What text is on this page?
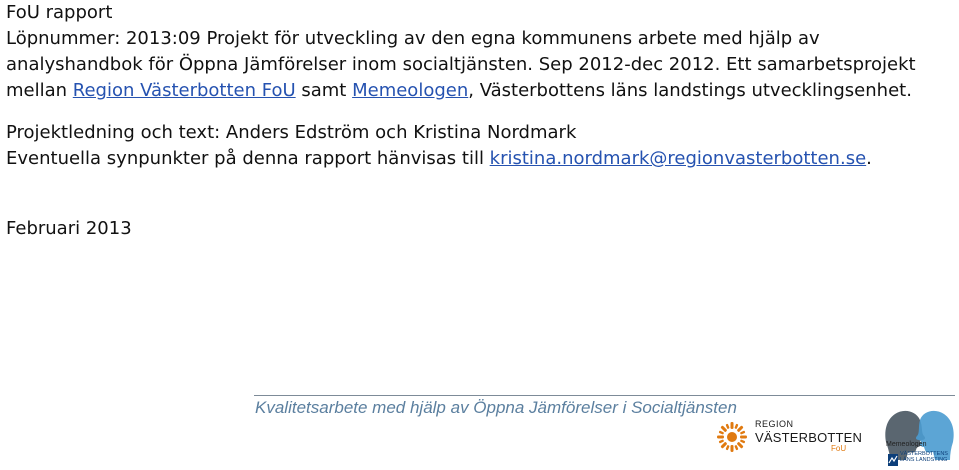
FoU rapport

Löpnummer: 2013:09 Projekt för utveckling av den egna kommunens arbete med hjälp av analyshandbok för Öppna Jämförelser inom socialtjänsten. Sep 2012-dec 2012. Ett samarbetsprojekt mellan Region Västerbotten FoU samt Memeologen, Västerbottens läns landstings utvecklingsenhet.

Projektledning och text: Anders Edström och Kristina Nordmark

Eventuella synpunkter på denna rapport hänvisas till kristina.nordmark@regionvasterbotten.se.

Februari 2013

Kvalitetsarbete med hjälp av Öppna Jämförelser i Socialtjänsten
REGION
VÄSTERBOTTEN
FoU	Memeologen
VÄSTERBOTTENS
LÄNS LANDSTING
